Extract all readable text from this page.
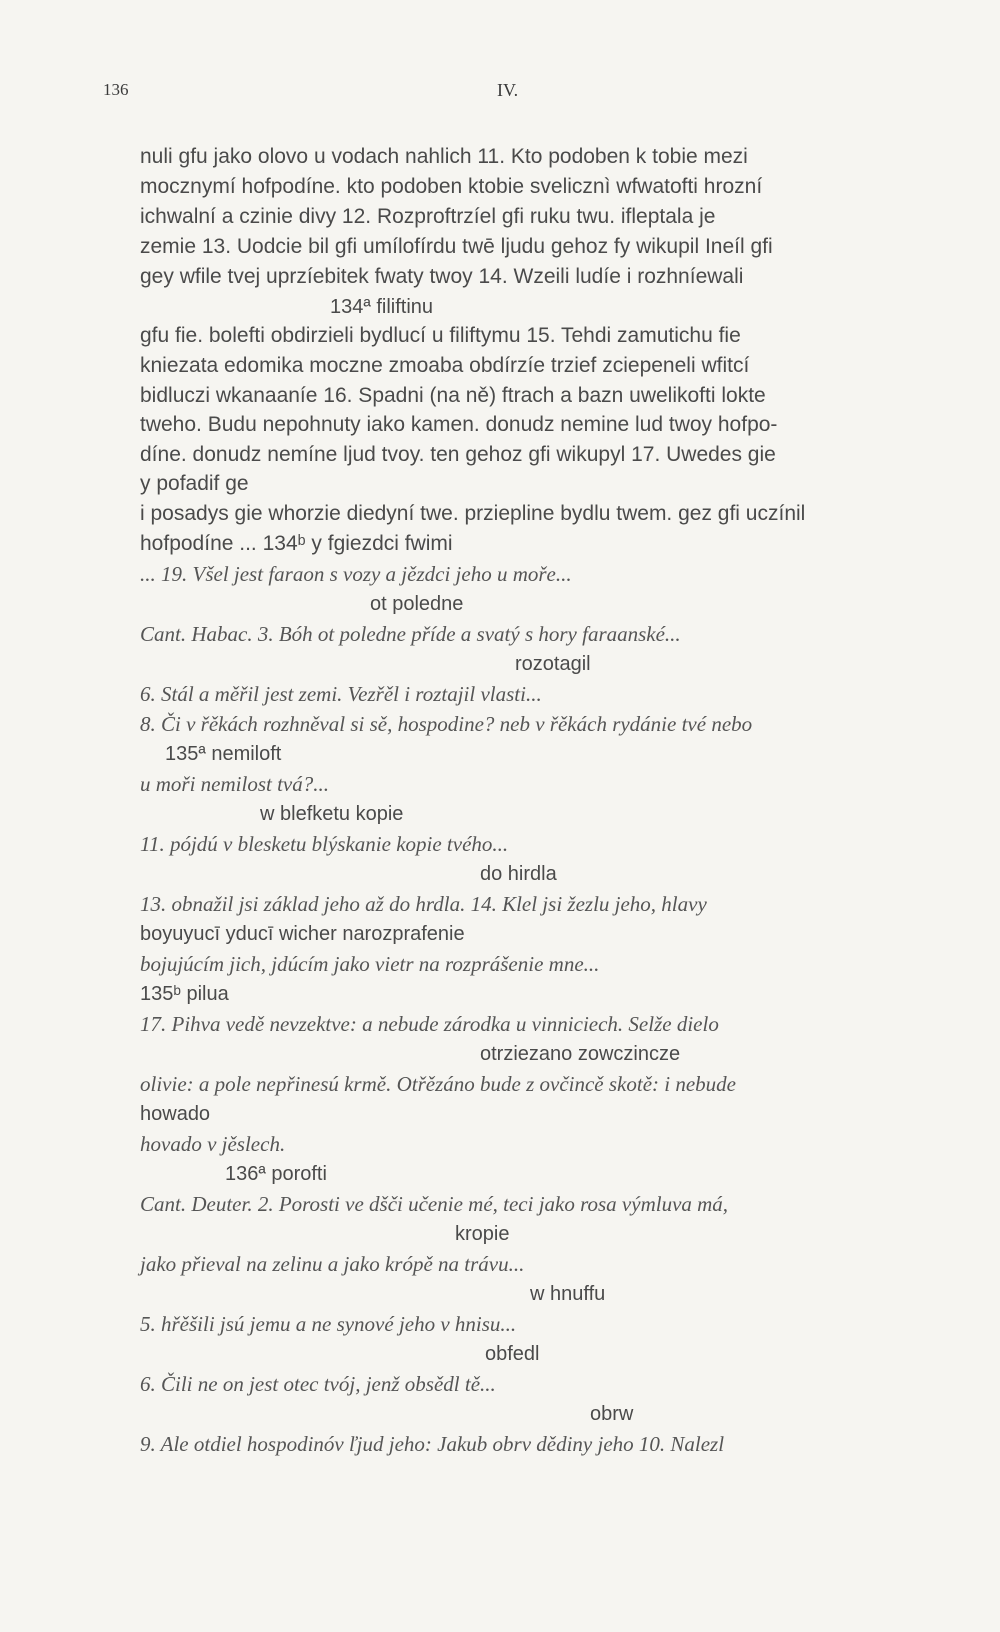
136	IV.
nuli gfu jako olovo u vodach nahlich 11. Kto podoben k tobie mezi
mocznymí hofpodíne. kto podoben ktobie svelicznì wfwatofti hrozní
ichwalní a czinie divy 12. Rozproftrzíel gfi ruku twu. ifleptala je
zemie 13. Uodcie bil gfi umílofírdu twē ljudu gehoz fy wikupil Ineíl gfi
gey wfile tvej uprzíebitek fwaty twoy 14. Wzeili ludíe i rozhníewali
134ª filiftinu
gfu fie. bolefti obdirzieli bydlucí u filiftymu 15. Tehdi zamutichu fie
kniezata edomika moczne zmoaba obdírzíe trzief zciepeneli wfitcí
bidluczi wkanaaníe 16. Spadni (na ně) ftrach a bazn uwelikofti lokte
tweho. Budu nepohnuty iako kamen. donudz nemine lud twoy hofpo-
díne. donudz nemíne ljud tvoy. ten gehoz gfi wikupyl 17. Uwedes gie
y pofadif ge
i posadys gie whorzie diedyní twe. prziepline bydlu twem. gez gfi uczínil
hofpodíne ... 134ᵇ y fgiezdci fwimi
... 19. Všel jest faraon s vozy a jězdci jeho u moře...
ot poledne
Cant. Habac. 3. Bóh ot poledne příde a svatý s hory faraanské...
rozotagil
6. Stál a měřil jest zemi. Vezřěl i roztajil vlasti...
8. Či v řěkách rozhněval si sě, hospodine? neb v řěkách rydánie tvé nebo
135ª nemiloft
u moři nemilost tvá?...
w blefketu kopie
11. pójdú v blesketu blýskanie kopie tvého...
do hirdla
13. obnažil jsi základ jeho až do hrdla. 14. Klel jsi žezlu jeho, hlavy
boyuyucī yducī wicher narozprafenie
bojujúcím jich, jdúcím jako vietr na rozprášenie mne...
135ᵇ pilua
17. Pihva vedě nevzektve: a nebude zárodka u vinniciech. Selže dielo
otrziezano zowczincze
olivie: a pole nepřinesú krmě. Otřězáno bude z ovčincě skotě: i nebude
howado
hovado v jěslech.
136ª porofti
Cant. Deuter. 2. Porosti ve dšči učenie mé, teci jako rosa výmluva má,
kropie
jako přieval na zelinu a jako krópě na trávu...
w hnuffu
5. hřěšili jsú jemu a ne synové jeho v hnisu...
obfedl
6. Čili ne on jest otec tvój, jenž obsědl tě...
obrw
9. Ale otdiel hospodinóv ľjud jeho: Jakub obrv dědiny jeho 10. Nalezl
